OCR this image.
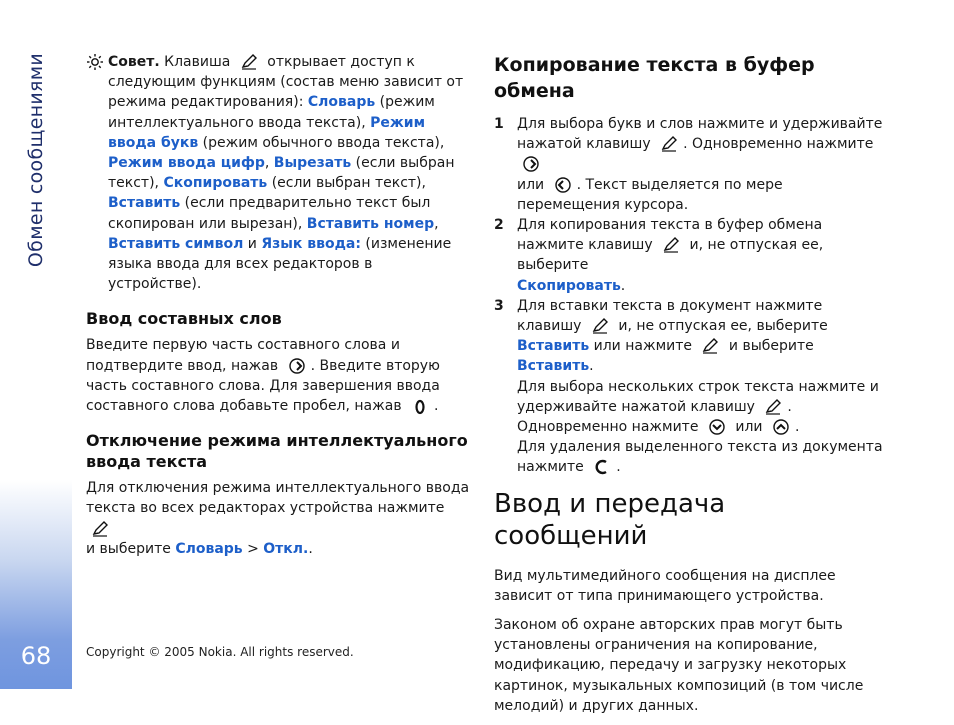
Обмен сообщениями
68
Совет. Клавиша  открывает доступ к следующим функциям (состав меню зависит от режима редактирования): Словарь (режим интеллектуального ввода текста), Режим ввода букв (режим обычного ввода текста), Режим ввода цифр, Вырезать (если выбран текст), Скопировать (если выбран текст), Вставить (если предварительно текст был скопирован или вырезан), Вставить номер, Вставить символ и Язык ввода: (изменение языка ввода для всех редакторов в устройстве).
Ввод составных слов

Введите первую часть составного слова и подтвердите ввод, нажав . Введите вторую часть составного слова. Для завершения ввода составного слова добавьте пробел, нажав .

Отключение режима интеллектуального ввода текста

Для отключения режима интеллектуального ввода текста во всех редакторах устройства нажмите
и выберите Словарь > Откл..

Копирование текста в буфер обмена
1 Для выбора букв и слов нажмите и удерживайте нажатой клавишу . Одновременно нажмите
или . Текст выделяется по мере перемещения курсора.
2 Для копирования текста в буфер обмена нажмите клавишу  и, не отпуская ее, выберите
Скопировать.
3 Для вставки текста в документ нажмите клавишу  и, не отпуская ее, выберите Вставить или нажмите  и выберите Вставить.
Для выбора нескольких строк текста нажмите и удерживайте нажатой клавишу . Одновременно нажмите  или .
Для удаления выделенного текста из документа нажмите .
Ввод и передача сообщений

Вид мультимедийного сообщения на дисплее зависит от типа принимающего устройства.

Законом об охране авторских прав могут быть установлены ограничения на копирование, модификацию, передачу и загрузку некоторых картинок, музыкальных композиций (в том числе мелодий) и других данных.

Copyright © 2005 Nokia. All rights reserved.
